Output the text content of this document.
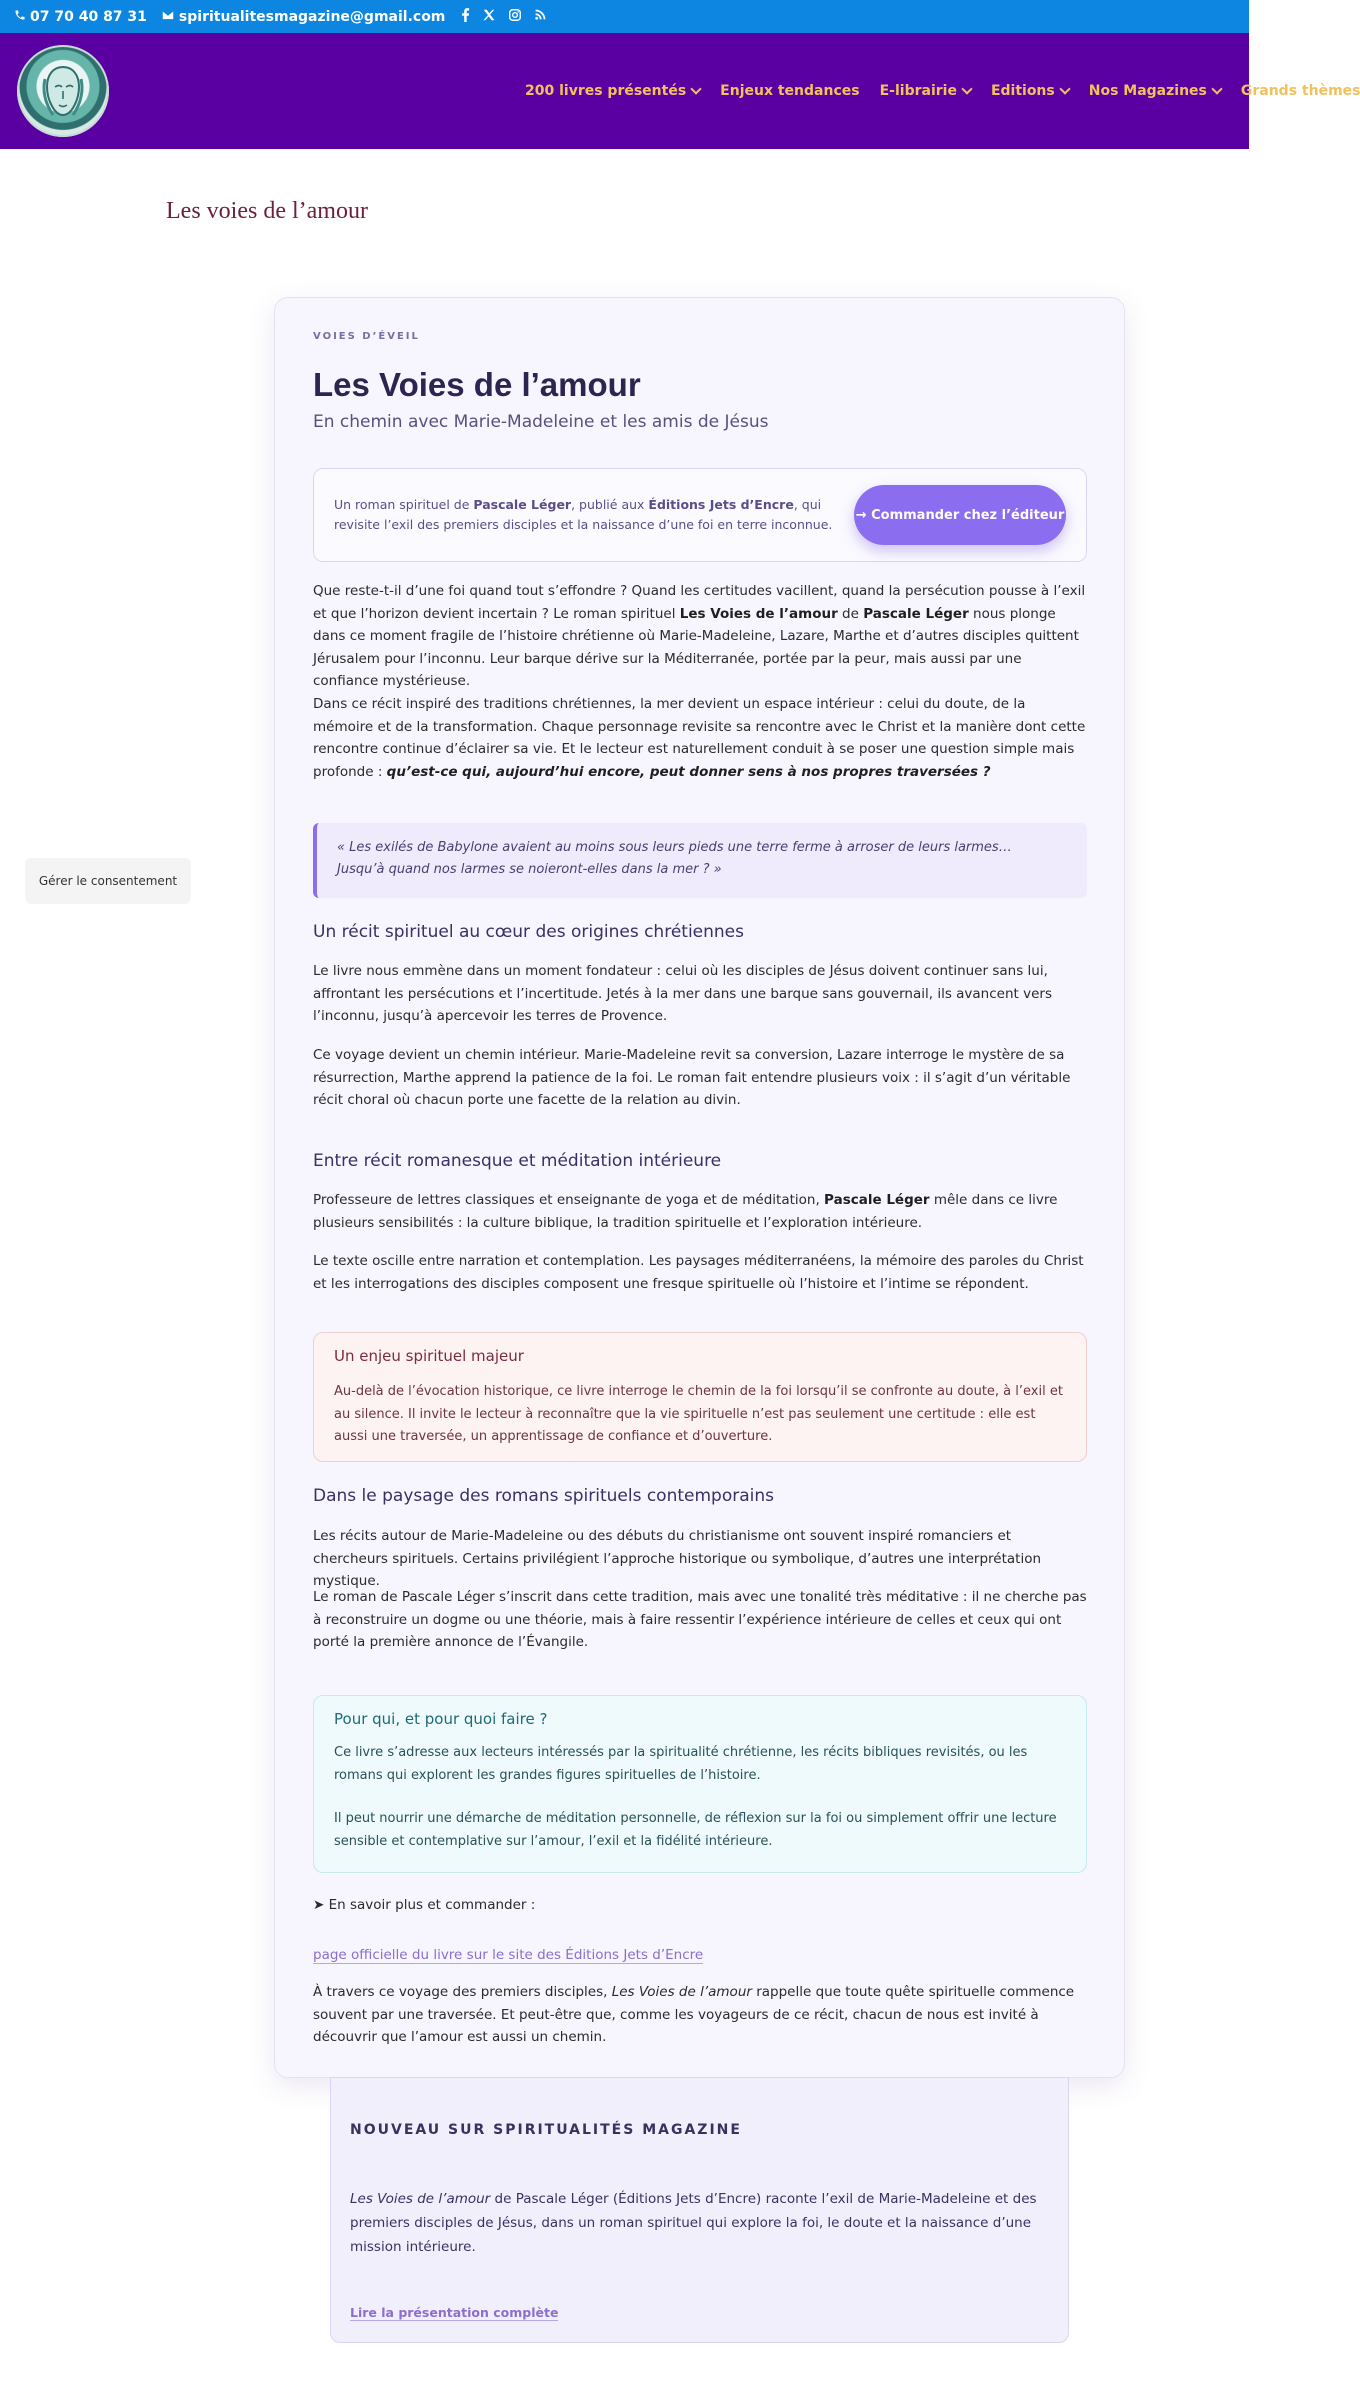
07 70 40 87 31 spiritualitesmagazine@gmail.com
200 livres présentés Enjeux tendances E-librairie Editions Nos Magazines Grands thèmes
Les voies de l’amour
Gérer le consentement
VOIES D’ÉVEIL
Les Voies de l’amour
En chemin avec Marie-Madeleine et les amis de Jésus
Un roman spirituel de Pascale Léger, publié aux Éditions Jets d’Encre, qui revisite l’exil des premiers disciples et la naissance d’une foi en terre inconnue.
→ Commander chez l’éditeur

Que reste-t-il d’une foi quand tout s’effondre ? Quand les certitudes vacillent, quand la persécution pousse à l’exil et que l’horizon devient incertain ? Le roman spirituel Les Voies de l’amour de Pascale Léger nous plonge dans ce moment fragile de l’histoire chrétienne où Marie-Madeleine, Lazare, Marthe et d’autres disciples quittent Jérusalem pour l’inconnu. Leur barque dérive sur la Méditerranée, portée par la peur, mais aussi par une confiance mystérieuse.

Dans ce récit inspiré des traditions chrétiennes, la mer devient un espace intérieur : celui du doute, de la mémoire et de la transformation. Chaque personnage revisite sa rencontre avec le Christ et la manière dont cette rencontre continue d’éclairer sa vie. Et le lecteur est naturellement conduit à se poser une question simple mais profonde : qu’est-ce qui, aujourd’hui encore, peut donner sens à nos propres traversées ?

« Les exilés de Babylone avaient au moins sous leurs pieds une terre ferme à arroser de leurs larmes… Jusqu’à quand nos larmes se noieront-elles dans la mer ? »
Un récit spirituel au cœur des origines chrétiennes

Le livre nous emmène dans un moment fondateur : celui où les disciples de Jésus doivent continuer sans lui, affrontant les persécutions et l’incertitude. Jetés à la mer dans une barque sans gouvernail, ils avancent vers l’inconnu, jusqu’à apercevoir les terres de Provence.

Ce voyage devient un chemin intérieur. Marie-Madeleine revit sa conversion, Lazare interroge le mystère de sa résurrection, Marthe apprend la patience de la foi. Le roman fait entendre plusieurs voix : il s’agit d’un véritable récit choral où chacun porte une facette de la relation au divin.

Entre récit romanesque et méditation intérieure

Professeure de lettres classiques et enseignante de yoga et de méditation, Pascale Léger mêle dans ce livre plusieurs sensibilités : la culture biblique, la tradition spirituelle et l’exploration intérieure.

Le texte oscille entre narration et contemplation. Les paysages méditerranéens, la mémoire des paroles du Christ et les interrogations des disciples composent une fresque spirituelle où l’histoire et l’intime se répondent.

Un enjeu spirituel majeur
Au-delà de l’évocation historique, ce livre interroge le chemin de la foi lorsqu’il se confronte au doute, à l’exil et au silence. Il invite le lecteur à reconnaître que la vie spirituelle n’est pas seulement une certitude : elle est aussi une traversée, un apprentissage de confiance et d’ouverture.
Dans le paysage des romans spirituels contemporains

Les récits autour de Marie-Madeleine ou des débuts du christianisme ont souvent inspiré romanciers et chercheurs spirituels. Certains privilégient l’approche historique ou symbolique, d’autres une interprétation mystique.

Le roman de Pascale Léger s’inscrit dans cette tradition, mais avec une tonalité très méditative : il ne cherche pas à reconstruire un dogme ou une théorie, mais à faire ressentir l’expérience intérieure de celles et ceux qui ont porté la première annonce de l’Évangile.

Pour qui, et pour quoi faire ?
Ce livre s’adresse aux lecteurs intéressés par la spiritualité chrétienne, les récits bibliques revisités, ou les romans qui explorent les grandes figures spirituelles de l’histoire.
Il peut nourrir une démarche de méditation personnelle, de réflexion sur la foi ou simplement offrir une lecture sensible et contemplative sur l’amour, l’exil et la fidélité intérieure.
➤ En savoir plus et commander :
page officielle du livre sur le site des Éditions Jets d’Encre

À travers ce voyage des premiers disciples, Les Voies de l’amour rappelle que toute quête spirituelle commence souvent par une traversée. Et peut-être que, comme les voyageurs de ce récit, chacun de nous est invité à découvrir que l’amour est aussi un chemin.

NOUVEAU SUR SPIRITUALITÉS MAGAZINE
Les Voies de l’amour de Pascale Léger (Éditions Jets d’Encre) raconte l’exil de Marie-Madeleine et des premiers disciples de Jésus, dans un roman spirituel qui explore la foi, le doute et la naissance d’une mission intérieure.
Lire la présentation complète
